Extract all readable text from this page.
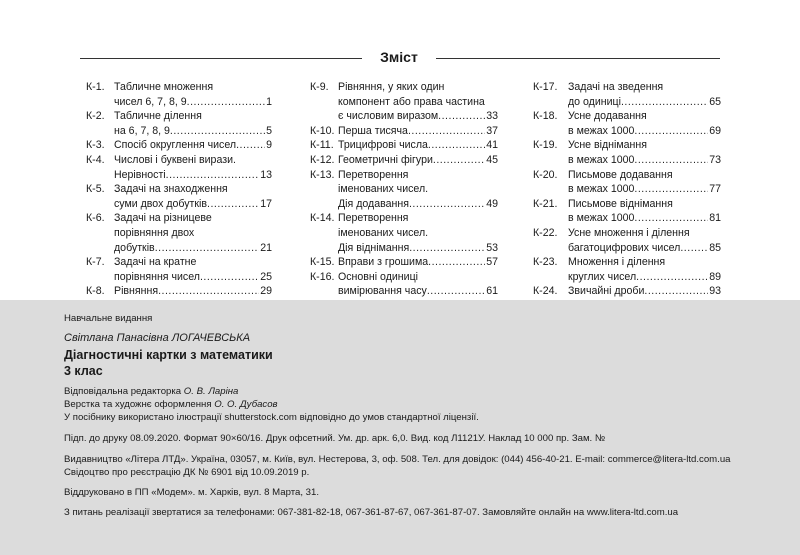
Зміст
К-1. Табличне множення
чисел 6, 7, 8, 9 .....	1
К-2. Табличне ділення
на 6, 7, 8, 9 .....	5
К-3. Спосіб округлення чисел .....	9
К-4. Числові і буквені вирази.
Нерівності .....	13
К-5. Задачі на знаходження
суми двох добутків .....	17
К-6. Задачі на різницеве
порівняння двох
добутків .....	21
К-7. Задачі на кратне
порівняння чисел .....	25
К-8. Рівняння .....	29
К-9. Рівняння, у яких один
компонент або права частина
є числовим виразом .....	33
К-10. Перша тисяча .....	37
К-11. Трицифрові числа .....	41
К-12. Геометричні фігури .....	45
К-13. Перетворення
іменованих чисел.
Дія додавання .....	49
К-14. Перетворення
іменованих чисел.
Дія віднімання .....	53
К-15. Вправи з грошима .....	57
К-16. Основні одиниці
вимірювання часу .....	61
К-17. Задачі на зведення
до одиниці .....	65
К-18. Усне додавання
в межах 1000 .....	69
К-19. Усне віднімання
в межах 1000 .....	73
К-20. Письмове додавання
в межах 1000 .....	77
К-21. Письмове віднімання
в межах 1000 .....	81
К-22. Усне множення і ділення
багатоцифрових чисел .....	85
К-23. Множення і ділення
круглих чисел .....	89
К-24. Звичайні дроби .....	93
Навчальне видання
Світлана Панасівна ЛОГАЧЕВСЬКА
Діагностичні картки з математики
3 клас
Відповідальна редакторка О. В. Ларіна
Верстка та художнє оформлення О. О. Дубасов
У посібнику використано ілюстрації shutterstock.com відповідно до умов стандартної ліцензії.
Підп. до друку 08.09.2020. Формат 90×60/16. Друк офсетний. Ум. др. арк. 6,0. Вид. код Л1121У. Наклад 10 000 пр. Зам. №
Видавництво «Літера ЛТД». Україна, 03057, м. Київ, вул. Нестерова, 3, оф. 508. Тел. для довідок: (044) 456-40-21. E-mail: commerce@litera-ltd.com.ua
Свідоцтво про реєстрацію ДК № 6901 від 10.09.2019 р.
Віддруковано в ПП «Модем». м. Харків, вул. 8 Марта, 31.
З питань реалізації звертатися за телефонами: 067-381-82-18, 067-361-87-67, 067-361-87-07. Замовляйте онлайн на www.litera-ltd.com.ua
